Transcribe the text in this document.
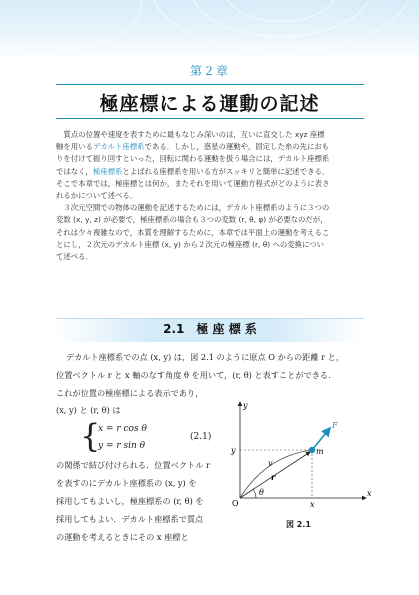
第２章
極座標による運動の記述

質点の位置や速度を表すために最もなじみ深いのは，互いに直交した xyz 座標

軸を用いるデカルト座標系である．しかし，惑星の運動や，固定した糸の先におも
りを付けて振り回すといった，回転に関わる運動を扱う場合には，デカルト座標系
ではなく，極座標系とよばれる座標系を用いる方がスッキリと簡単に記述できる．
そこで本章では，極座標とは何か，またそれを用いて運動方程式がどのように表さ
れるかについて述べる．

３次元空間での物体の運動を記述するためには，デカルト座標系のように３つの

変数 (x, y, z) が必要で，極座標系の場合も３つの変数 (r, θ, φ) が必要なのだが，
それは少々複雑なので，本質を理解するために，本章では平面上の運動を考えるこ
とにし，２次元のデカルト座標 (x, y) から２次元の極座標 (r, θ) への変換につい
て述べる．
2.1　極 座 標 系
デカルト座標系での点 (x, y) は，図 2.1 のように原点 O からの距離 r と，
位置ベクトル r と x 軸のなす角度 θ を用いて，(r, θ) と表すことができる．
これが位置の極座標による表示であり，
(x, y) と (r, θ) は
{
x = r cos θ
y = r sin θ
(2.1)
の関係で結び付けられる．位置ベクトル r
を表すのにデカルト座標系の (x, y) を
採用してもよいし，極座標系の (r, θ) を
採用してもよい．デカルト座標系で質点
の運動を考えるときにその x 座標と
y
x
y
x
O
m
F
v
r
θ
図 2.1
